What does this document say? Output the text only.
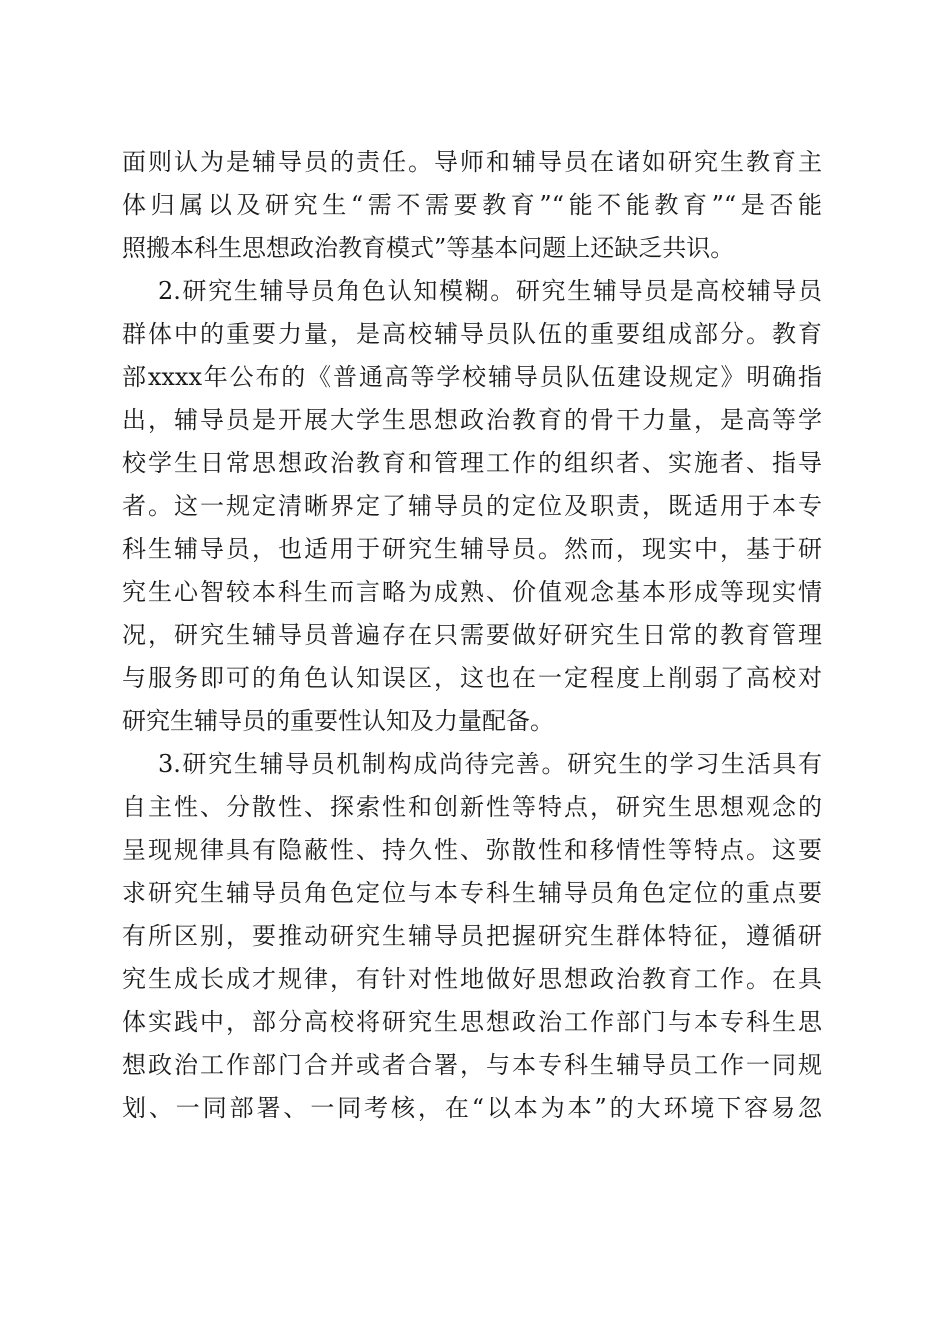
面则认为是辅导员的责任。导师和辅导员在诸如研究生教育主
体归属以及研究生“需不需要教育”“能不能教育”“是否能
照搬本科生思想政治教育模式”等基本问题上还缺乏共识。
2.研究生辅导员角色认知模糊。研究生辅导员是高校辅导员
群体中的重要力量，是高校辅导员队伍的重要组成部分。教育
部xxxx年公布的《普通高等学校辅导员队伍建设规定》明确指
出，辅导员是开展大学生思想政治教育的骨干力量，是高等学
校学生日常思想政治教育和管理工作的组织者、实施者、指导
者。这一规定清晰界定了辅导员的定位及职责，既适用于本专
科生辅导员，也适用于研究生辅导员。然而，现实中，基于研
究生心智较本科生而言略为成熟、价值观念基本形成等现实情
况，研究生辅导员普遍存在只需要做好研究生日常的教育管理
与服务即可的角色认知误区，这也在一定程度上削弱了高校对
研究生辅导员的重要性认知及力量配备。
3.研究生辅导员机制构成尚待完善。研究生的学习生活具有
自主性、分散性、探索性和创新性等特点，研究生思想观念的
呈现规律具有隐蔽性、持久性、弥散性和移情性等特点。这要
求研究生辅导员角色定位与本专科生辅导员角色定位的重点要
有所区别，要推动研究生辅导员把握研究生群体特征，遵循研
究生成长成才规律，有针对性地做好思想政治教育工作。在具
体实践中，部分高校将研究生思想政治工作部门与本专科生思
想政治工作部门合并或者合署，与本专科生辅导员工作一同规
划、一同部署、一同考核，在“以本为本”的大环境下容易忽
